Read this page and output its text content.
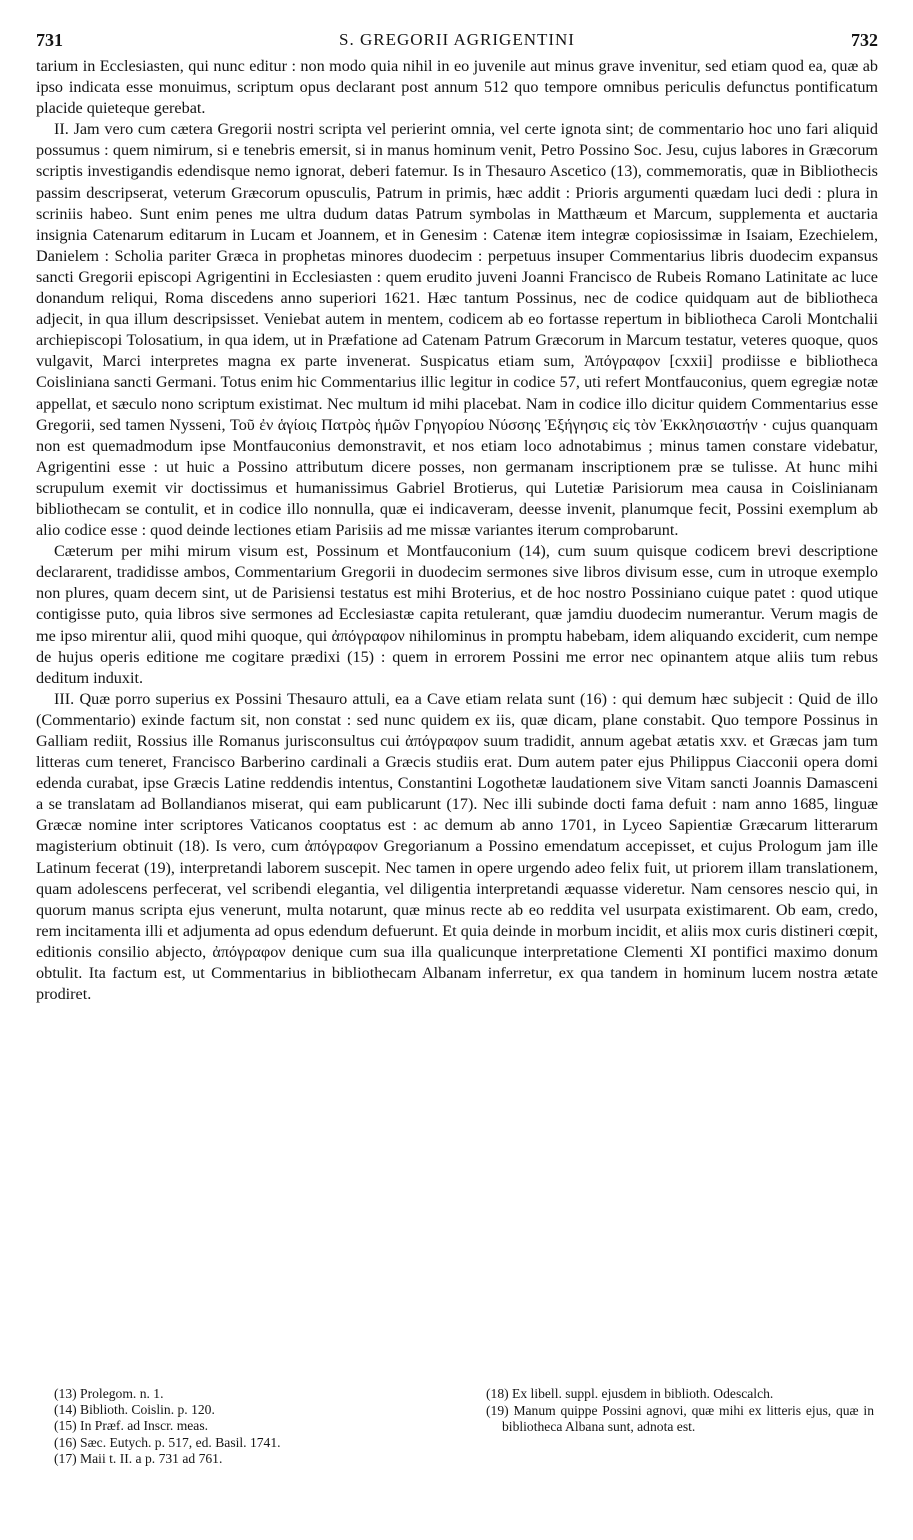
731	S. GREGORII AGRIGENTINI	732

tarium in Ecclesiasten, qui nunc editur : non modo quia nihil in eo juvenile aut minus grave invenitur, sed etiam quod ea, quæ ab ipso indicata esse monuimus, scriptum opus declarant post annum 512 quo tempore omnibus periculis defunctus pontificatum placide quieteque gerebat.

II. Jam vero cum cætera Gregorii nostri scripta vel perierint omnia, vel certe ignota sint; de commentario hoc uno fari aliquid possumus : quem nimirum, si e tenebris emersit, si in manus hominum venit, Petro Possino Soc. Jesu, cujus labores in Græcorum scriptis investigandis edendisque nemo ignorat, deberi fatemur. Is in Thesauro Ascetico (13), commemoratis, quæ in Bibliothecis passim descripserat, veterum Græcorum opusculis, Patrum in primis, hæc addit : Prioris argumenti quædam luci dedi : plura in scriniis habeo. Sunt enim penes me ultra dudum datas Patrum symbolas in Matthæum et Marcum, supplementa et auctaria insignia Catenarum editarum in Lucam et Joannem, et in Genesim : Catenæ item integræ copiosissimæ in Isaiam, Ezechielem, Danielem : Scholia pariter Græca in prophetas minores duodecim : perpetuus insuper Commentarius libris duodecim expansus sancti Gregorii episcopi Agrigentini in Ecclesiasten : quem erudito juveni Joanni Francisco de Rubeis Romano Latinitate ac luce donandum reliqui, Roma discedens anno superiori 1621. Hæc tantum Possinus, nec de codice quidquam aut de bibliotheca adjecit, in qua illum descripsisset. Veniebat autem in mentem, codicem ab eo fortasse repertum in bibliotheca Caroli Montchalii archiepiscopi Tolosatium, in qua idem, ut in Præfatione ad Catenam Patrum Græcorum in Marcum testatur, veteres quoque, quos vulgavit, Marci interpretes magna ex parte invenerat. Suspicatus etiam sum, Ἀπόγραφον [cxxii] prodiisse e bibliotheca Coisliniana sancti Germani. Totus enim hic Commentarius illic legitur in codice 57, uti refert Montfauconius, quem egregiæ notæ appellat, et sæculo nono scriptum existimat. Nec multum id mihi placebat. Nam in codice illo dicitur quidem Commentarius esse Gregorii, sed tamen Nysseni, Τοῦ ἐν ἁγίοις Πατρὸς ἡμῶν Γρηγορίου Νύσσης Ἐξήγησις εἰς τὸν Ἐκκλησιαστήν · cujus quanquam non est quemadmodum ipse Montfauconius demonstravit, et nos etiam loco adnotabimus ; minus tamen constare videbatur, Agrigentini esse : ut huic a Possino attributum dicere posses, non germanam inscriptionem præ se tulisse. At hunc mihi scrupulum exemit vir doctissimus et humanissimus Gabriel Brotierus, qui Lutetiæ Parisiorum mea causa in Coislinianam bibliothecam se contulit, et in codice illo nonnulla, quæ ei indicaveram, deesse invenit, planumque fecit, Possini exemplum ab alio codice esse : quod deinde lectiones etiam Parisiis ad me missæ variantes iterum comprobarunt.

Cæterum per mihi mirum visum est, Possinum et Montfauconium (14), cum suum quisque codicem brevi descriptione declararent, tradidisse ambos, Commentarium Gregorii in duodecim sermones sive libros divisum esse, cum in utroque exemplo non plures, quam decem sint, ut de Parisiensi testatus est mihi Broterius, et de hoc nostro Possiniano cuique patet : quod utique contigisse puto, quia libros sive sermones ad Ecclesiastæ capita retulerant, quæ jamdiu duodecim numerantur. Verum magis de me ipso mirentur alii, quod mihi quoque, qui ἀπόγραφον nihilominus in promptu habebam, idem aliquando exciderit, cum nempe de hujus operis editione me cogitare prædixi (15) : quem in errorem Possini me error nec opinantem atque aliis tum rebus deditum induxit.

III. Quæ porro superius ex Possini Thesauro attuli, ea a Cave etiam relata sunt (16) : qui demum hæc subjecit : Quid de illo (Commentario) exinde factum sit, non constat : sed nunc quidem ex iis, quæ dicam, plane constabit. Quo tempore Possinus in Galliam rediit, Rossius ille Romanus jurisconsultus cui ἀπόγραφον suum tradidit, annum agebat ætatis xxv. et Græcas jam tum litteras cum teneret, Francisco Barberino cardinali a Græcis studiis erat. Dum autem pater ejus Philippus Ciacconii opera domi edenda curabat, ipse Græcis Latine reddendis intentus, Constantini Logothetæ laudationem sive Vitam sancti Joannis Damasceni a se translatam ad Bollandianos miserat, qui eam publicarunt (17). Nec illi subinde docti fama defuit : nam anno 1685, linguæ Græcæ nomine inter scriptores Vaticanos cooptatus est : ac demum ab anno 1701, in Lyceo Sapientiæ Græcarum litterarum magisterium obtinuit (18). Is vero, cum ἀπόγραφον Gregorianum a Possino emendatum accepisset, et cujus Prologum jam ille Latinum fecerat (19), interpretandi laborem suscepit. Nec tamen in opere urgendo adeo felix fuit, ut priorem illam translationem, quam adolescens perfecerat, vel scribendi elegantia, vel diligentia interpretandi æquasse videretur. Nam censores nescio qui, in quorum manus scripta ejus venerunt, multa notarunt, quæ minus recte ab eo reddita vel usurpata existimarent. Ob eam, credo, rem incitamenta illi et adjumenta ad opus edendum defuerunt. Et quia deinde in morbum incidit, et aliis mox curis distineri cœpit, editionis consilio abjecto, ἀπόγραφον denique cum sua illa qualicunque interpretatione Clementi XI pontifici maximo donum obtulit. Ita factum est, ut Commentarius in bibliothecam Albanam inferretur, ex qua tandem in hominum lucem nostra ætate prodiret.

(13) Prolegom. n. 1.

(14) Biblioth. Coislin. p. 120.

(15) In Præf. ad Inscr. meas.

(16) Sæc. Eutych. p. 517, ed. Basil. 1741.

(17) Maii t. II. a p. 731 ad 761.

(18) Ex libell. suppl. ejusdem in biblioth. Odescalch.

(19) Manum quippe Possini agnovi, quæ mihi ex litteris ejus, quæ in bibliotheca Albana sunt, adnota est.
